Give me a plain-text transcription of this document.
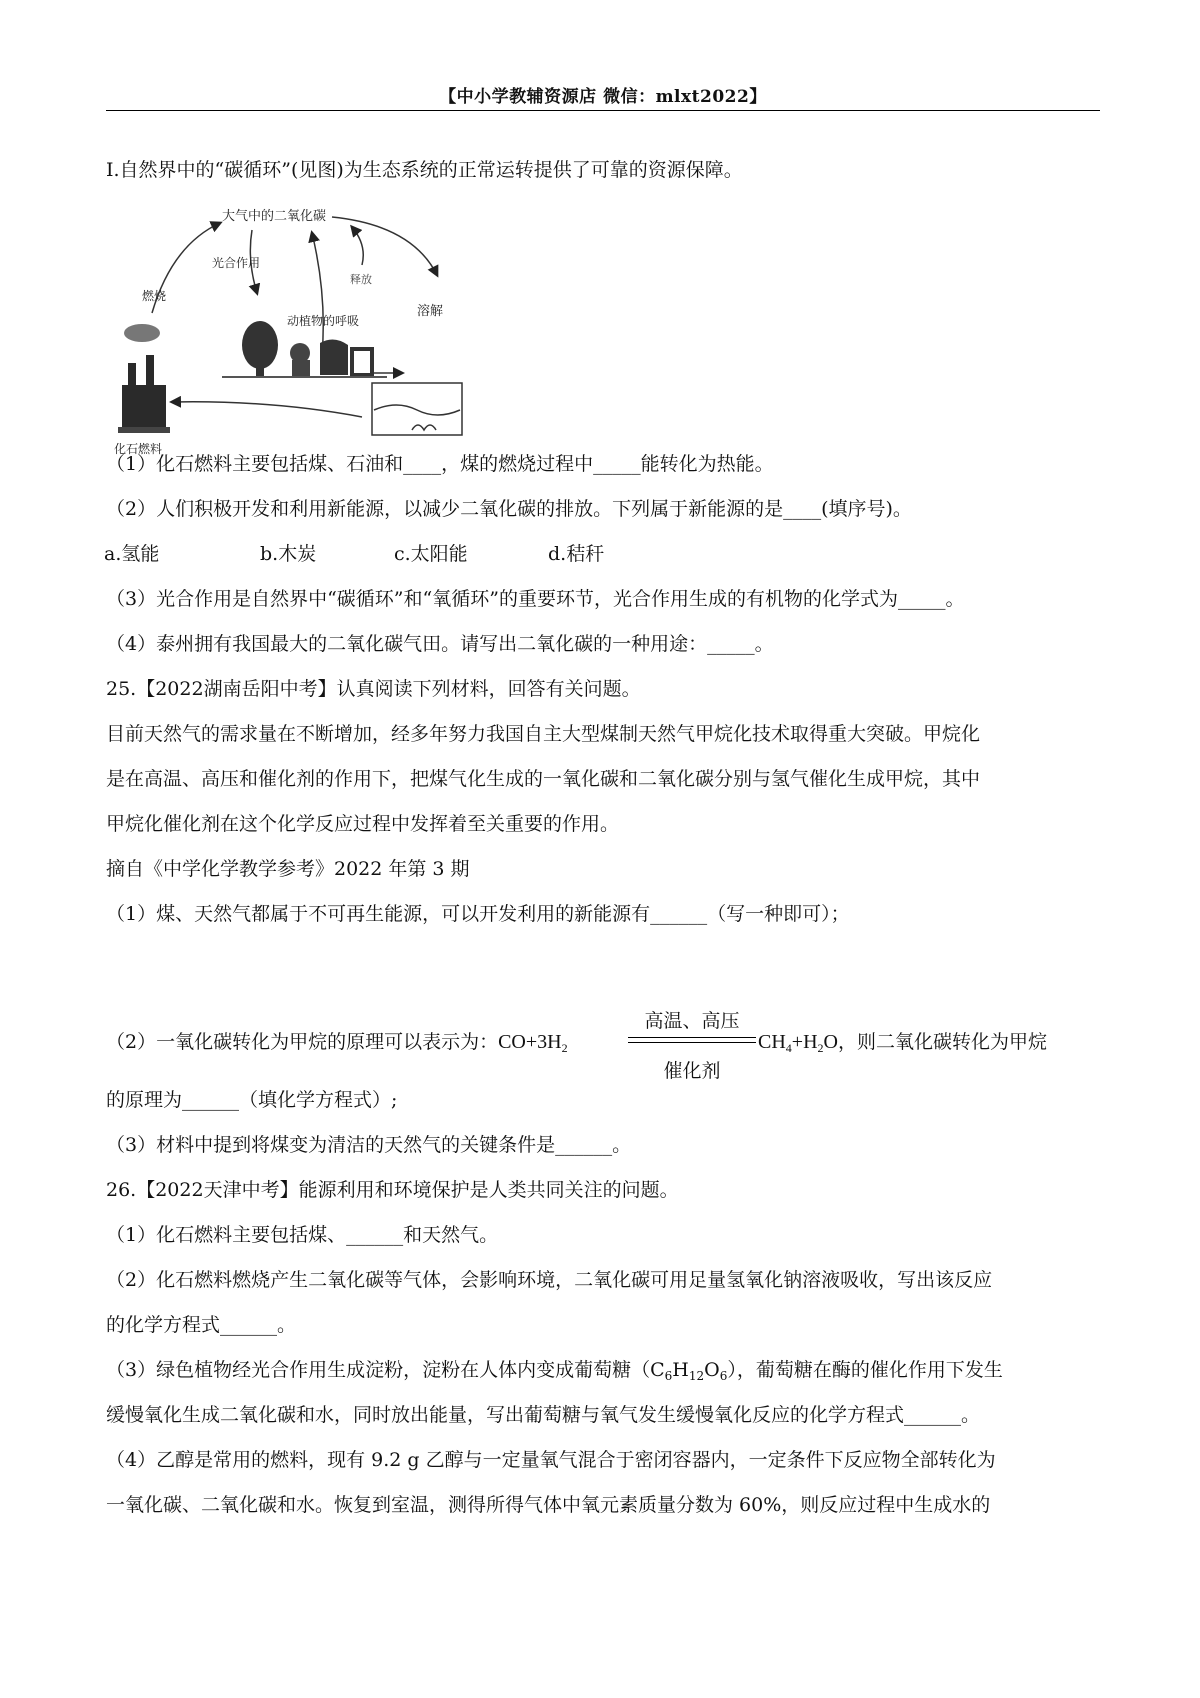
【中小学教辅资源店 微信：mlxt2022】
Ⅰ.自然界中的“碳循环”(见图)为生态系统的正常运转提供了可靠的资源保障。
大气中的二氧化碳
燃烧
光合作用
动植物的呼吸
释放
溶解
化石燃料
（1）化石燃料主要包括煤、石油和____，煤的燃烧过程中_____能转化为热能。
（2）人们积极开发和利用新能源，以减少二氧化碳的排放。下列属于新能源的是____(填序号)。
a.氢能	b.木炭	c.太阳能	d.秸秆
（3）光合作用是自然界中“碳循环”和“氧循环”的重要环节，光合作用生成的有机物的化学式为_____。
（4）泰州拥有我国最大的二氧化碳气田。请写出二氧化碳的一种用途：_____。
25.【2022湖南岳阳中考】认真阅读下列材料，回答有关问题。
目前天然气的需求量在不断增加，经多年努力我国自主大型煤制天然气甲烷化技术取得重大突破。甲烷化
是在高温、高压和催化剂的作用下，把煤气化生成的一氧化碳和二氧化碳分别与氢气催化生成甲烷，其中
甲烷化催化剂在这个化学反应过程中发挥着至关重要的作用。
摘自《中学化学教学参考》2022 年第 3 期
（1）煤、天然气都属于不可再生能源，可以开发利用的新能源有______（写一种即可）；
（2）一氧化碳转化为甲烷的原理可以表示为：$CO+3H_2$
高温、高压
催化剂
$CH_4+H_2O$，则二氧化碳转化为甲烷
的原理为______（填化学方程式）;
（3）材料中提到将煤变为清洁的天然气的关键条件是______。
26.【2022天津中考】能源利用和环境保护是人类共同关注的问题。
（1）化石燃料主要包括煤、______和天然气。
（2）化石燃料燃烧产生二氧化碳等气体，会影响环境，二氧化碳可用足量氢氧化钠溶液吸收，写出该反应
的化学方程式______。
（3）绿色植物经光合作用生成淀粉，淀粉在人体内变成葡萄糖$(C_6H_{12}O_6)$，葡萄糖在酶的催化作用下发生
缓慢氧化生成二氧化碳和水，同时放出能量，写出葡萄糖与氧气发生缓慢氧化反应的化学方程式______。
（4）乙醇是常用的燃料，现有 9.2 g 乙醇与一定量氧气混合于密闭容器内，一定条件下反应物全部转化为
一氧化碳、二氧化碳和水。恢复到室温，测得所得气体中氧元素质量分数为 60%，则反应过程中生成水的
